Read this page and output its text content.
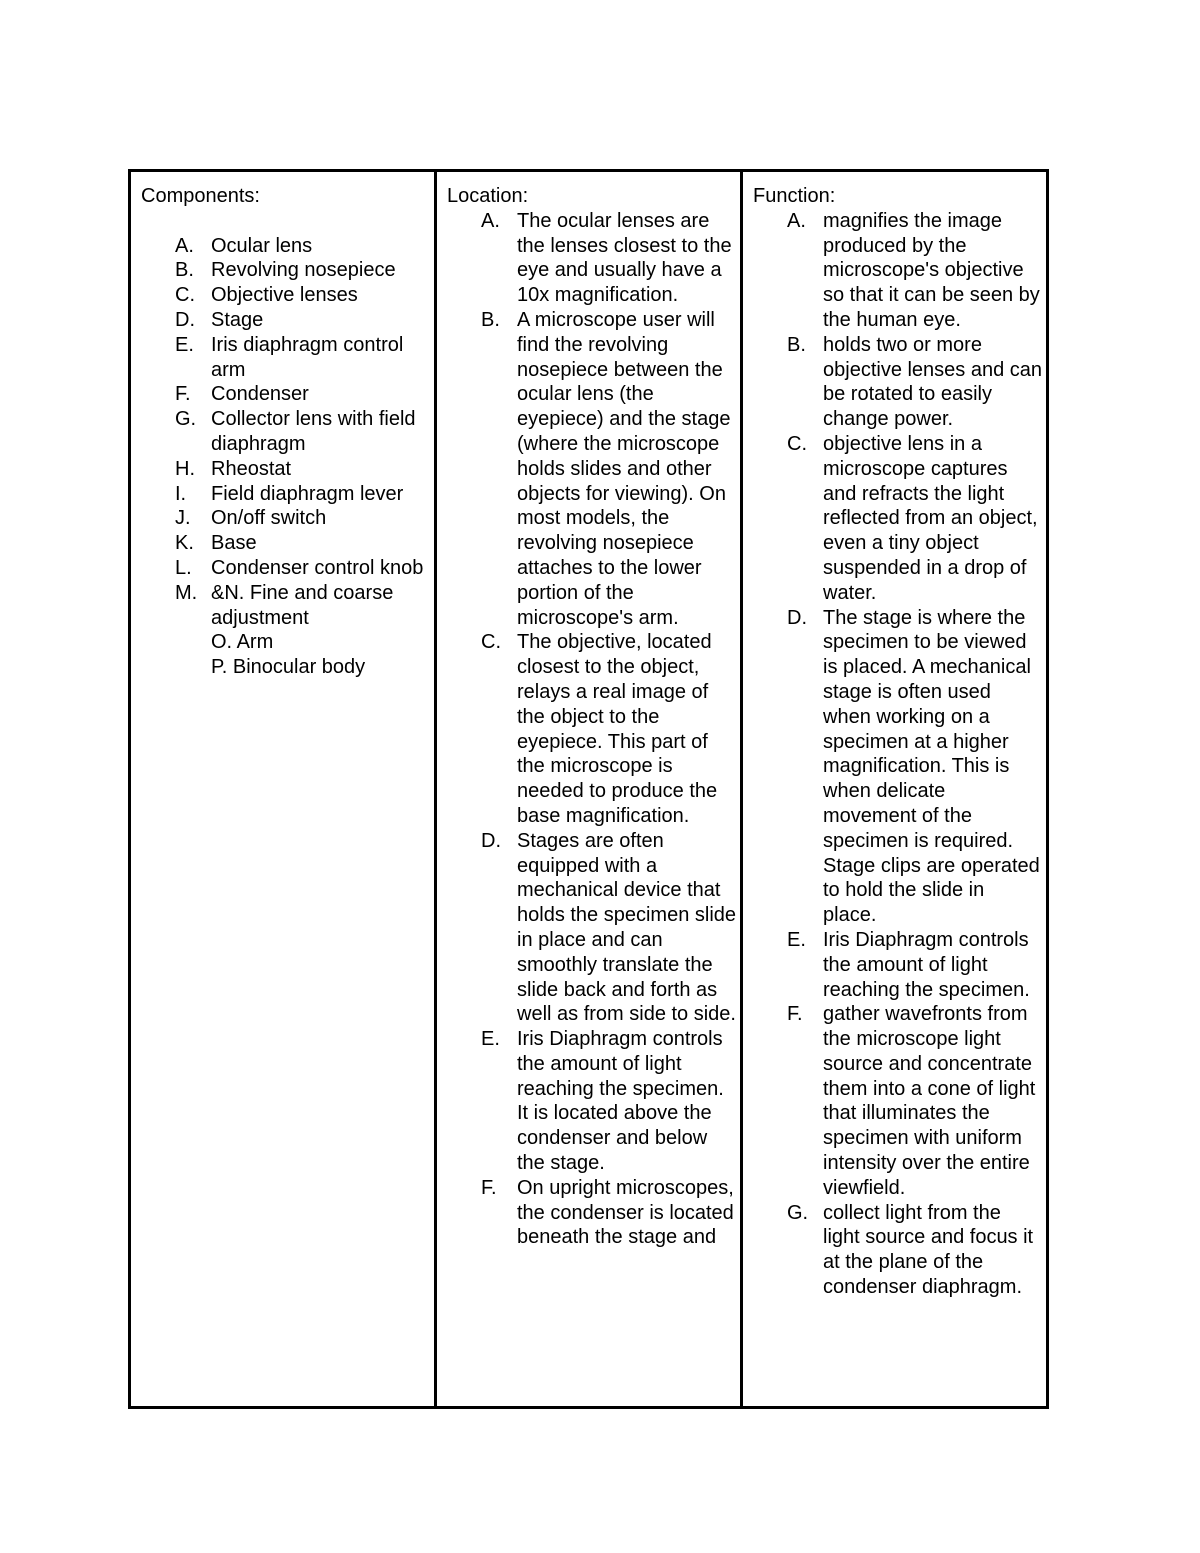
Components:
A. Ocular lens
B. Revolving nosepiece
C. Objective lenses
D. Stage
E. Iris diaphragm control arm
F.	Condenser
G. Collector lens with field diaphragm
H. Rheostat
I.	Field diaphragm lever
J.	On/off switch
K. Base
L. Condenser control knob
M. &N. Fine and coarse adjustment
O. Arm
P. Binocular body
Location:
A. The ocular lenses are the lenses closest to the eye and usually have a 10x magnification.
B. A microscope user will find the revolving nosepiece between the ocular lens (the eyepiece) and the stage (where the microscope holds slides and other objects for viewing). On most models, the revolving nosepiece attaches to the lower portion of the microscope's arm.
C. The objective, located closest to the object, relays a real image of the object to the eyepiece. This part of the microscope is needed to produce the base magnification.
D. Stages are often equipped with a mechanical device that holds the specimen slide in place and can smoothly translate the slide back and forth as well as from side to side.
E. Iris Diaphragm controls the amount of light reaching the specimen. It is located above the condenser and below the stage.
F.	On upright microscopes, the condenser is located beneath the stage and
Function:
A. magnifies the image produced by the microscope's objective so that it can be seen by the human eye.
B. holds two or more objective lenses and can be rotated to easily change power.
C. objective lens in a microscope captures and refracts the light reflected from an object, even a tiny object suspended in a drop of water.
D. The stage is where the specimen to be viewed is placed. A mechanical stage is often used when working on a specimen at a higher magnification. This is when delicate movement of the specimen is required. Stage clips are operated to hold the slide in place.
E. Iris Diaphragm controls the amount of light reaching the specimen.
F.	gather wavefronts from the microscope light source and concentrate them into a cone of light that illuminates the specimen with uniform intensity over the entire viewfield.
G. collect light from the light source and focus it at the plane of the condenser diaphragm.
